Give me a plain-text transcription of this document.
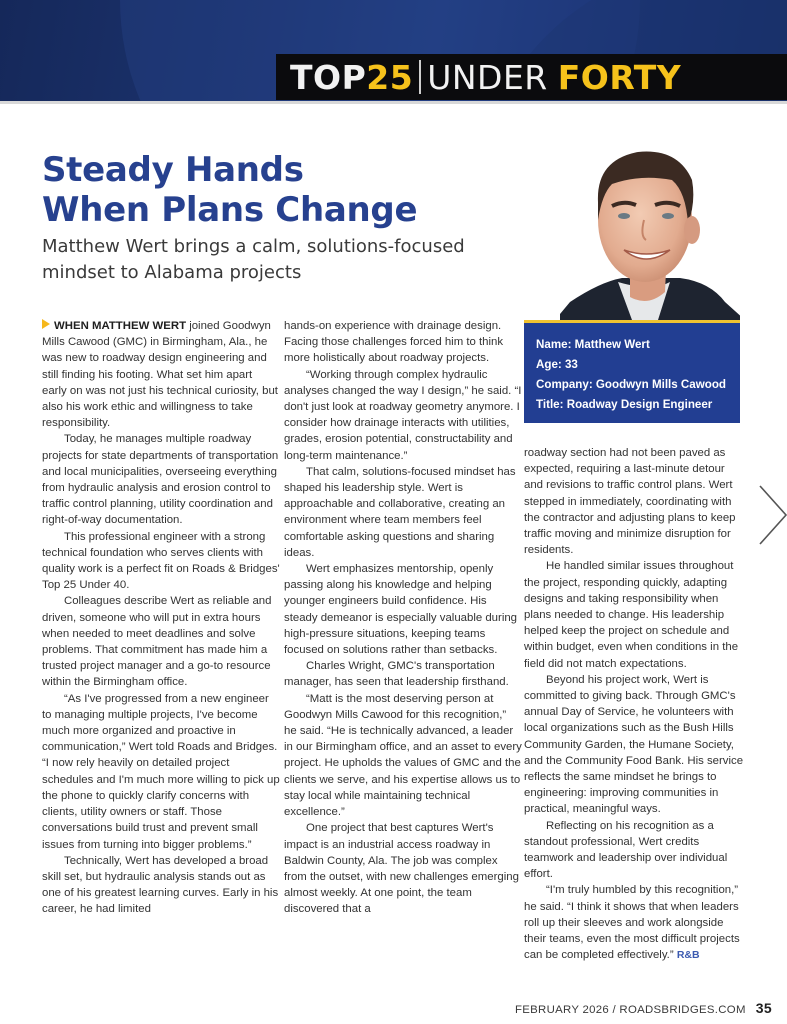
TOP 25 UNDER FORTY
Steady Hands
When Plans Change
Matthew Wert brings a calm, solutions-focused
mindset to Alabama projects
Name: Matthew Wert
Age: 33
Company: Goodwyn Mills Cawood
Title: Roadway Design Engineer

WHEN MATTHEW WERT joined Goodwyn Mills Cawood (GMC) in Birmingham, Ala., he was new to roadway design engineering and still finding his footing. What set him apart early on was not just his technical curiosity, but also his work ethic and willingness to take responsibility.

Today, he manages multiple roadway projects for state departments of transportation and local municipalities, overseeing everything from hydraulic analysis and erosion control to traffic control planning, utility coordination and right-of-way documentation.

This professional engineer with a strong technical foundation who serves clients with quality work is a perfect fit on Roads & Bridges' Top 25 Under 40.

Colleagues describe Wert as reliable and driven, someone who will put in extra hours when needed to meet deadlines and solve problems. That commitment has made him a trusted project manager and a go-to resource within the Birmingham office.

“As I've progressed from a new engineer to managing multiple projects, I've become much more organized and proactive in communication,” Wert told Roads and Bridges. “I now rely heavily on detailed project schedules and I'm much more willing to pick up the phone to quickly clarify concerns with clients, utility owners or staff. Those conversations build trust and prevent small issues from turning into bigger problems.”

Technically, Wert has developed a broad skill set, but hydraulic analysis stands out as one of his greatest learning curves. Early in his career, he had limited

hands-on experience with drainage design. Facing those challenges forced him to think more holistically about roadway projects.

“Working through complex hydraulic analyses changed the way I design,” he said. “I don't just look at roadway geometry anymore. I consider how drainage interacts with utilities, grades, erosion potential, constructability and long-term maintenance.”

That calm, solutions-focused mindset has shaped his leadership style. Wert is approachable and collaborative, creating an environment where team members feel comfortable asking questions and sharing ideas.

Wert emphasizes mentorship, openly passing along his knowledge and helping younger engineers build confidence. His steady demeanor is especially valuable during high-pressure situations, keeping teams focused on solutions rather than setbacks.

Charles Wright, GMC's transportation manager, has seen that leadership firsthand.

“Matt is the most deserving person at Goodwyn Mills Cawood for this recognition,” he said. “He is technically advanced, a leader in our Birmingham office, and an asset to every project. He upholds the values of GMC and the clients we serve, and his expertise allows us to stay local while maintaining technical excellence.”

One project that best captures Wert's impact is an industrial access roadway in Baldwin County, Ala. The job was complex from the outset, with new challenges emerging almost weekly. At one point, the team discovered that a

roadway section had not been paved as expected, requiring a last-minute detour and revisions to traffic control plans. Wert stepped in immediately, coordinating with the contractor and adjusting plans to keep traffic moving and minimize disruption for residents.

He handled similar issues throughout the project, responding quickly, adapting designs and taking responsibility when plans needed to change. His leadership helped keep the project on schedule and within budget, even when conditions in the field did not match expectations.

Beyond his project work, Wert is committed to giving back. Through GMC's annual Day of Service, he volunteers with local organizations such as the Bush Hills Community Garden, the Humane Society, and the Community Food Bank. His service reflects the same mindset he brings to engineering: improving communities in practical, meaningful ways.

Reflecting on his recognition as a standout professional, Wert credits teamwork and leadership over individual effort.

“I'm truly humbled by this recognition,” he said. “I think it shows that when leaders roll up their sleeves and work alongside their teams, even the most difficult projects can be completed effectively.” R&B

FEBRUARY 2026 / ROADSBRIDGES.COM 35
